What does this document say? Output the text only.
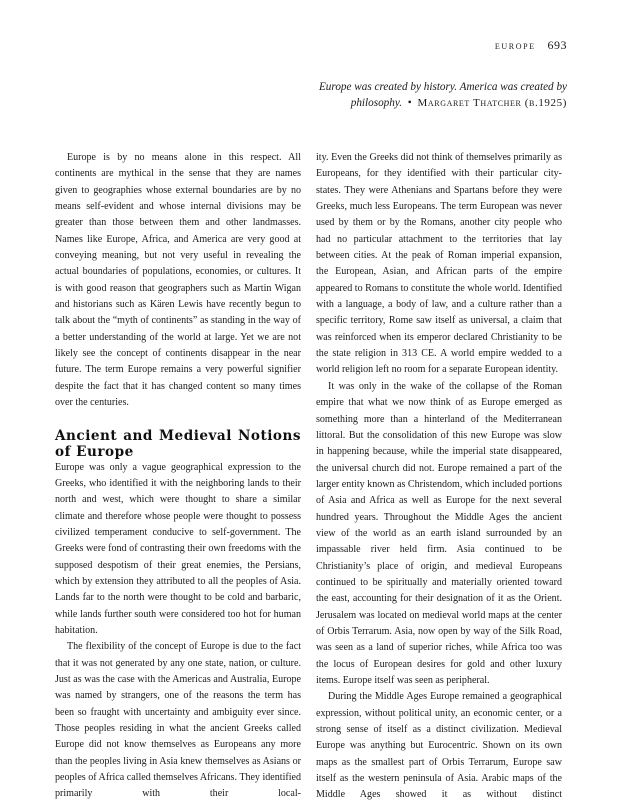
europe 693
Europe was created by history. America was created by
philosophy. • Margaret Thatcher (b.1925)

Europe is by no means alone in this respect. All continents are mythical in the sense that they are names given to geographies whose external boundaries are by no means self-evident and whose internal divisions may be greater than those between them and other landmasses. Names like Europe, Africa, and America are very good at conveying meaning, but not very useful in revealing the actual boundaries of populations, economies, or cultures. It is with good reason that geographers such as Martin Wigan and historians such as Kären Lewis have recently begun to talk about the “myth of continents” as standing in the way of a better understanding of the world at large. Yet we are not likely see the concept of continents disappear in the near future. The term Europe remains a very powerful signifier despite the fact that it has changed content so many times over the centuries.

Ancient and Medieval Notions of Europe

Europe was only a vague geographical expression to the Greeks, who identified it with the neighboring lands to their north and west, which were thought to share a similar climate and therefore whose people were thought to possess civilized temperament conducive to self-government. The Greeks were fond of contrasting their own freedoms with the supposed despotism of their great enemies, the Persians, which by extension they attributed to all the peoples of Asia. Lands far to the north were thought to be cold and barbaric, while lands further south were considered too hot for human habitation.

The flexibility of the concept of Europe is due to the fact that it was not generated by any one state, nation, or culture. Just as was the case with the Americas and Australia, Europe was named by strangers, one of the reasons the term has been so fraught with uncertainty and ambiguity ever since. Those peoples residing in what the ancient Greeks called Europe did not know themselves as Europeans any more than the peoples living in Asia knew themselves as Asians or peoples of Africa called themselves Africans. They identified primarily with their local-

ity. Even the Greeks did not think of themselves primarily as Europeans, for they identified with their particular city-states. They were Athenians and Spartans before they were Greeks, much less Europeans. The term European was never used by them or by the Romans, another city people who had no particular attachment to the territories that lay between cities. At the peak of Roman imperial expansion, the European, Asian, and African parts of the empire appeared to Romans to constitute the whole world. Identified with a language, a body of law, and a culture rather than a specific territory, Rome saw itself as universal, a claim that was reinforced when its emperor declared Christianity to be the state religion in 313 CE. A world empire wedded to a world religion left no room for a separate European identity.

It was only in the wake of the collapse of the Roman empire that what we now think of as Europe emerged as something more than a hinterland of the Mediterranean littoral. But the consolidation of this new Europe was slow in happening because, while the imperial state disappeared, the universal church did not. Europe remained a part of the larger entity known as Christendom, which included portions of Asia and Africa as well as Europe for the next several hundred years. Throughout the Middle Ages the ancient view of the world as an earth island surrounded by an impassable river held firm. Asia continued to be Christianity’s place of origin, and medieval Europeans continued to be spiritually and materially oriented toward the east, accounting for their designation of it as the Orient. Jerusalem was located on medieval world maps at the center of Orbis Terrarum. Asia, now open by way of the Silk Road, was seen as a land of superior riches, while Africa too was the locus of European desires for gold and other luxury items. Europe itself was seen as peripheral.

During the Middle Ages Europe remained a geographical expression, without political unity, an economic center, or a strong sense of itself as a distinct civilization. Medieval Europe was anything but Eurocentric. Shown on its own maps as the smallest part of Orbis Terrarum, Europe saw itself as the western peninsula of Asia. Arabic maps of the Middle Ages showed it as without distinct
